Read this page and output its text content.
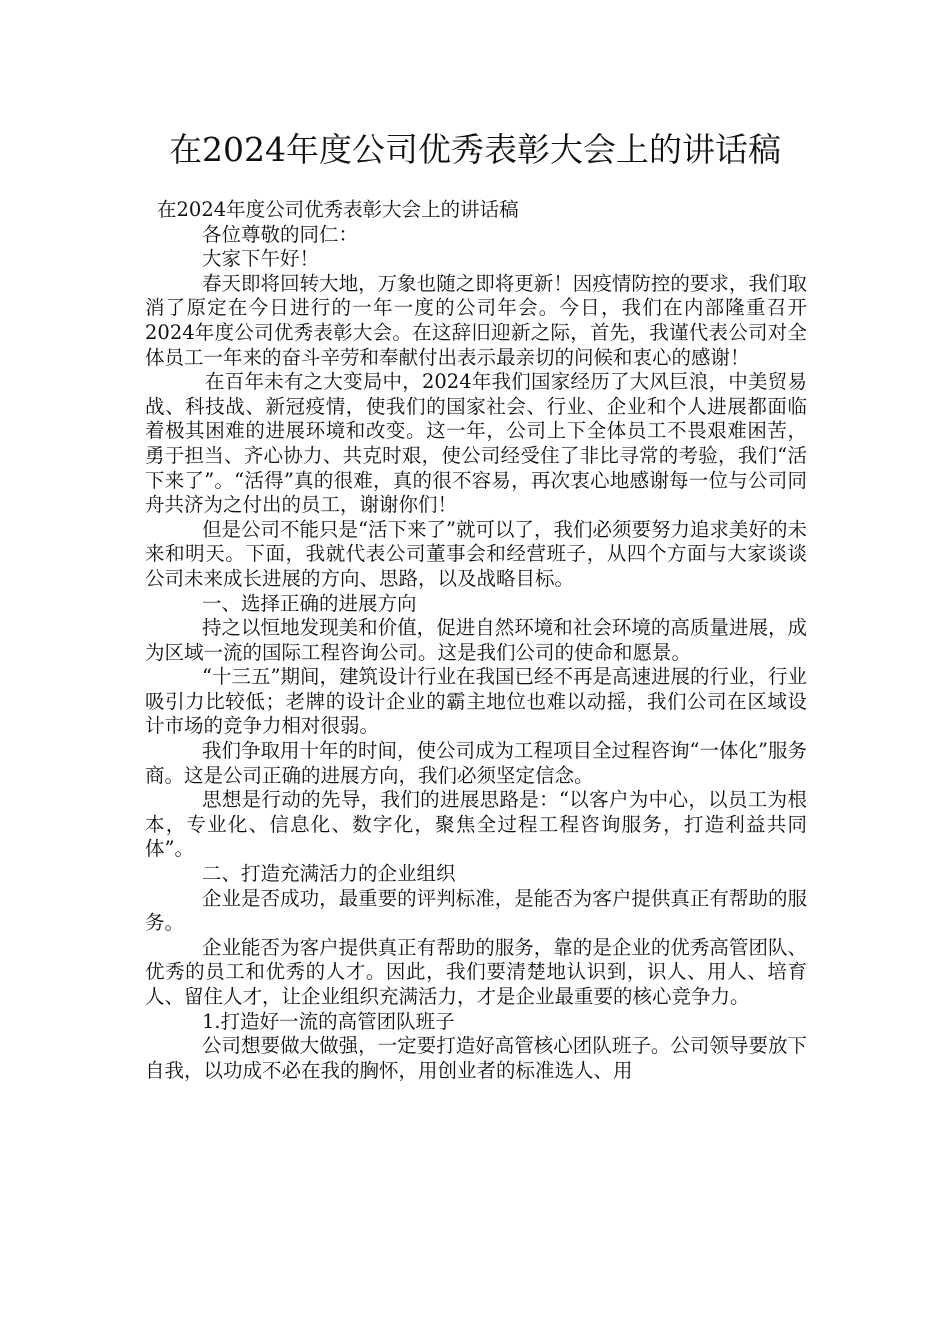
在2024年度公司优秀表彰大会上的讲话稿

在2024年度公司优秀表彰大会上的讲话稿

各位尊敬的同仁：

大家下午好！

春天即将回转大地，万象也随之即将更新！因疫情防控的要求，我们取消了原定在今日进行的一年一度的公司年会。今日，我们在内部隆重召开2024年度公司优秀表彰大会。在这辞旧迎新之际，首先，我谨代表公司对全体员工一年来的奋斗辛劳和奉献付出表示最亲切的问候和衷心的感谢！

在百年未有之大变局中，2024年我们国家经历了大风巨浪，中美贸易战、科技战、新冠疫情，使我们的国家社会、行业、企业和个人进展都面临着极其困难的进展环境和改变。这一年，公司上下全体员工不畏艰难困苦，勇于担当、齐心协力、共克时艰，使公司经受住了非比寻常的考验，我们“活下来了”。“活得”真的很难，真的很不容易，再次衷心地感谢每一位与公司同舟共济为之付出的员工，谢谢你们！

但是公司不能只是“活下来了”就可以了，我们必须要努力追求美好的未来和明天。下面，我就代表公司董事会和经营班子，从四个方面与大家谈谈公司未来成长进展的方向、思路，以及战略目标。

一、选择正确的进展方向

持之以恒地发现美和价值，促进自然环境和社会环境的高质量进展，成为区域一流的国际工程咨询公司。这是我们公司的使命和愿景。

“十三五”期间，建筑设计行业在我国已经不再是高速进展的行业，行业吸引力比较低；老牌的设计企业的霸主地位也难以动摇，我们公司在区域设计市场的竞争力相对很弱。

我们争取用十年的时间，使公司成为工程项目全过程咨询“一体化”服务商。这是公司正确的进展方向，我们必须坚定信念。

思想是行动的先导，我们的进展思路是：“以客户为中心，以员工为根本，专业化、信息化、数字化，聚焦全过程工程咨询服务，打造利益共同体”。

二、打造充满活力的企业组织

企业是否成功，最重要的评判标准，是能否为客户提供真正有帮助的服务。

企业能否为客户提供真正有帮助的服务，靠的是企业的优秀高管团队、优秀的员工和优秀的人才。因此，我们要清楚地认识到，识人、用人、培育人、留住人才，让企业组织充满活力，才是企业最重要的核心竞争力。

1.打造好一流的高管团队班子

公司想要做大做强，一定要打造好高管核心团队班子。公司领导要放下自我，以功成不必在我的胸怀，用创业者的标准选人、用
